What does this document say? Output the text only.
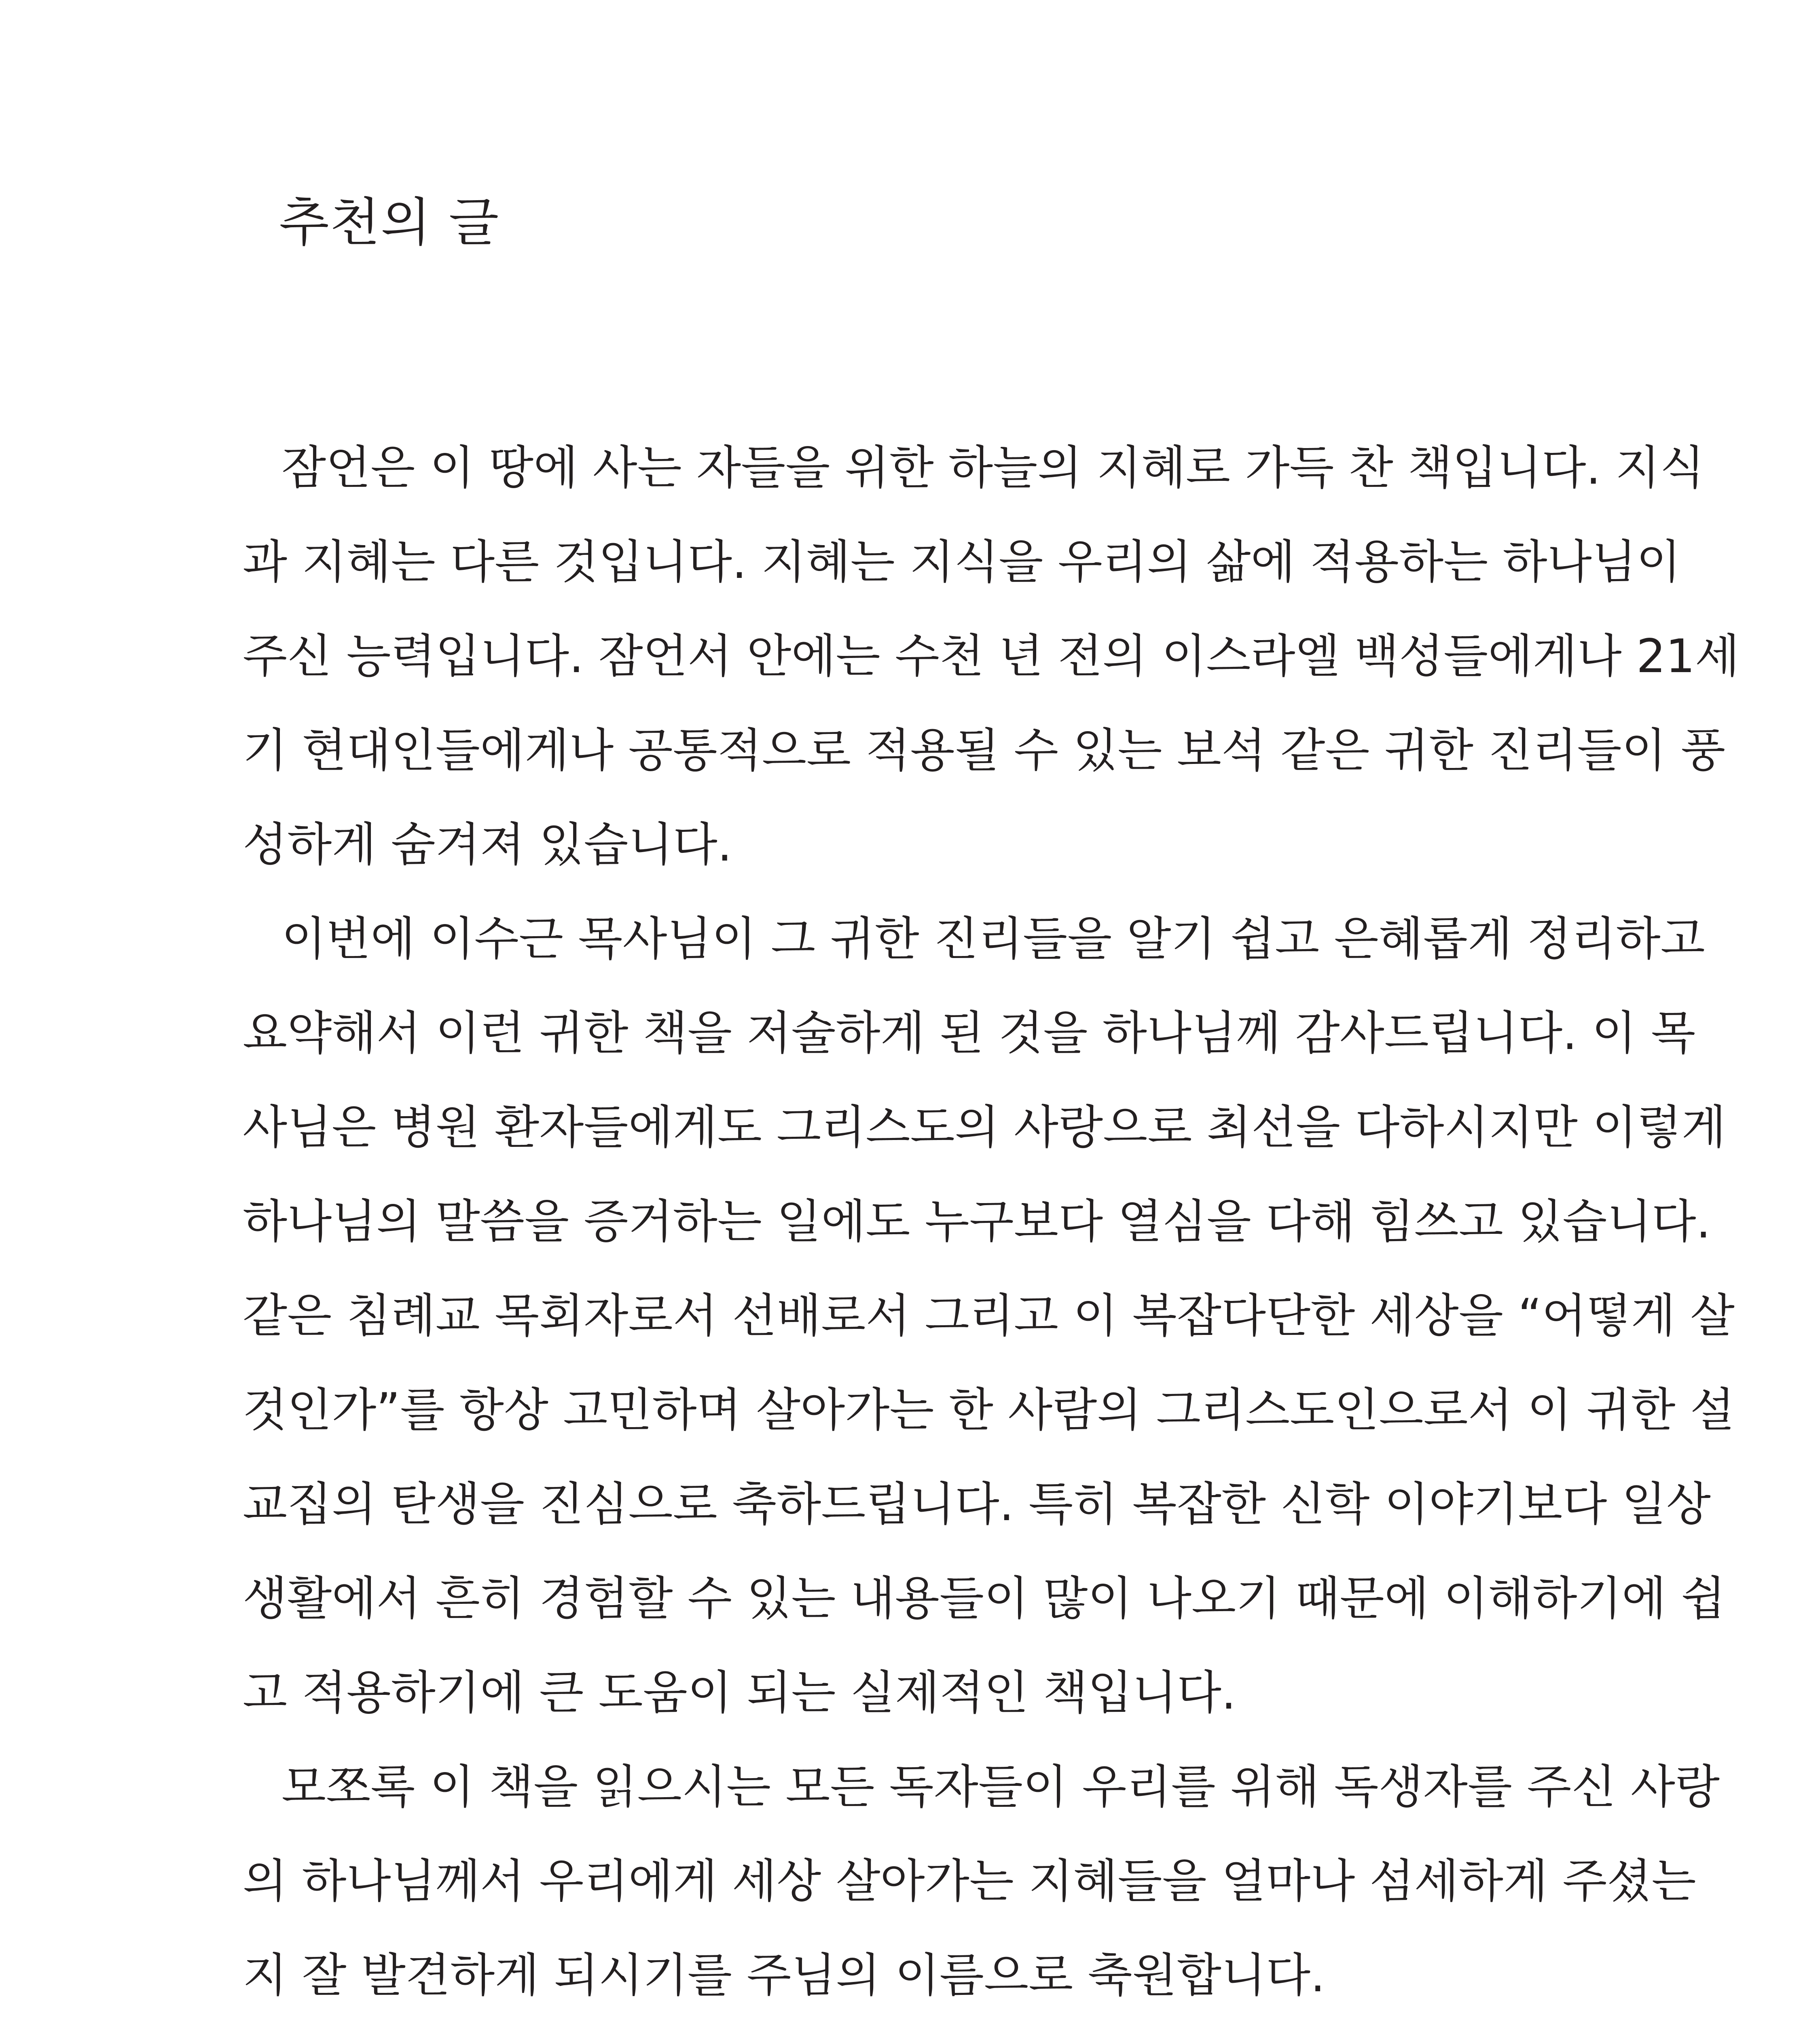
추천의 글
잠언은 이 땅에 사는 자들을 위한 하늘의 지혜로 가득 찬 책입니다. 지식
과 지혜는 다른 것입니다. 지혜는 지식을 우리의 삶에 적용하는 하나님이
주신 능력입니다. 잠언서 안에는 수천 년 전의 이스라엘 백성들에게나 21세
기 현대인들에게나 공통적으로 적용될 수 있는 보석 같은 귀한 진리들이 풍
성하게 숨겨져 있습니다.
이번에 이수근 목사님이 그 귀한 진리들을 알기 쉽고 은혜롭게 정리하고
요약해서 이런 귀한 책을 저술하게 된 것을 하나님께 감사드립니다. 이 목
사님은 병원 환자들에게도 그리스도의 사랑으로 최선을 다하시지만 이렇게
하나님의 말씀을 증거하는 일에도 누구보다 열심을 다해 힘쓰고 있습니다.
같은 침례교 목회자로서 선배로서 그리고 이 복잡다단한 세상을 “어떻게 살
것인가”를 항상 고민하며 살아가는 한 사람의 그리스도인으로서 이 귀한 설
교집의 탄생을 진심으로 축하드립니다. 특히 복잡한 신학 이야기보다 일상
생활에서 흔히 경험할 수 있는 내용들이 많이 나오기 때문에 이해하기에 쉽
고 적용하기에 큰 도움이 되는 실제적인 책입니다.
모쪼록 이 책을 읽으시는 모든 독자들이 우리를 위해 독생자를 주신 사랑
의 하나님께서 우리에게 세상 살아가는 지혜들을 얼마나 섬세하게 주셨는
지 잘 발견하게 되시기를 주님의 이름으로 축원합니다.
